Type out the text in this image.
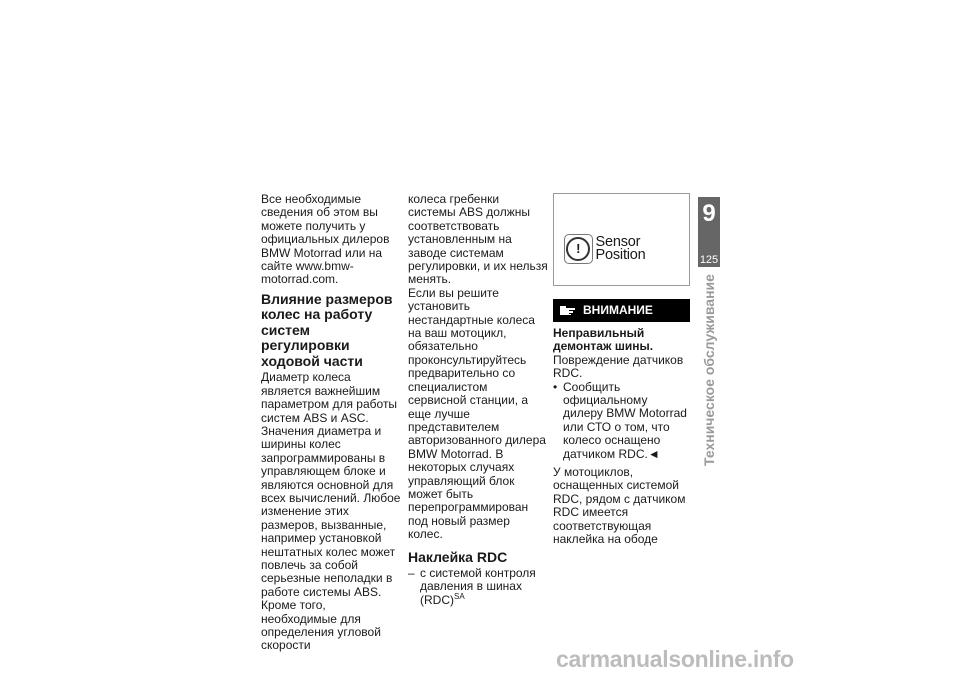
Все необходимые сведения об этом вы можете получить у официальных дилеров BMW Motorrad или на сайте www.bmw-motorrad.com.

Влияние размеров колес на работу систем регулировки ходовой части

Диаметр колеса является важнейшим параметром для работы систем ABS и ASC. Значения диаметра и ширины колес запрограммированы в управляющем блоке и являются основной для всех вычислений. Любое изменение этих размеров, вызванные, например установкой нештатных колес может повлечь за собой серьезные неполадки в работе системы ABS.

Кроме того, необходимые для определения угловой скорости

колеса гребенки системы ABS должны соответствовать установленным на заводе системам регулировки, и их нельзя менять.

Если вы решите установить нестандартные колеса на ваш мотоцикл, обязательно проконсультируйтесь предварительно со специалистом сервисной станции, а еще лучше представителем авторизованного дилера BMW Motorrad. В некоторых случаях управляющий блок может быть перепрограммирован под новый размер колес.

Наклейка RDC

– с системой контроля давления в шинах (RDC)$^{SA}$

! Sensor Position
ВНИМАНИЕ

Неправильный демонтаж шины.

Повреждение датчиков RDC.

• Сообщить официальному дилеру BMW Motorrad или СТО о том, что колесо оснащено датчиком RDC.◄

У мотоциклов, оснащенных системой RDC, рядом с датчиком RDC имеется соответствующая наклейка на ободе

9
125
Техническое обслуживание
carmanualsonline.info
